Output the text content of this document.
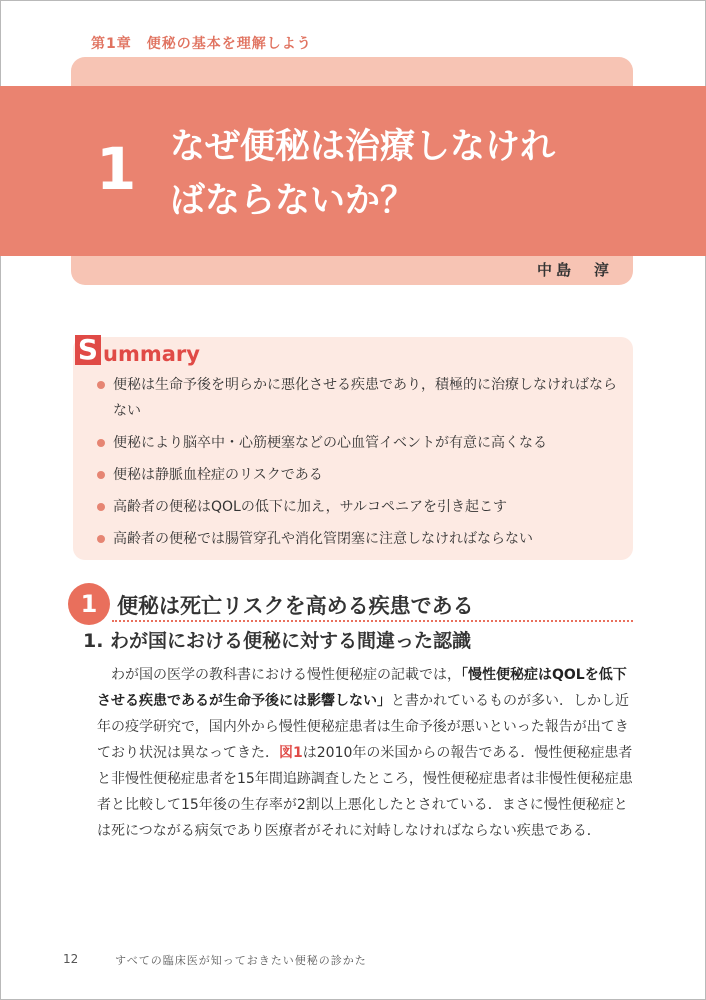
第1章　便秘の基本を理解しよう
1 なぜ便秘は治療しなけれ
ばならないか？
中島　淳
S ummary
便秘は生命予後を明らかに悪化させる疾患であり，積極的に治療しなければならない
便秘により脳卒中・心筋梗塞などの心血管イベントが有意に高くなる
便秘は静脈血栓症のリスクである
高齢者の便秘はQOLの低下に加え，サルコペニアを引き起こす
高齢者の便秘では腸管穿孔や消化管閉塞に注意しなければならない
1 便秘は死亡リスクを高める疾患である
1. わが国における便秘に対する間違った認識

わが国の医学の教科書における慢性便秘症の記載では，「慢性便秘症はQOLを低下させる疾患であるが生命予後には影響しない」と書かれているものが多い．しかし近年の疫学研究で，国内外から慢性便秘症患者は生命予後が悪いといった報告が出てきており状況は異なってきた．図1は2010年の米国からの報告である．慢性便秘症患者と非慢性便秘症患者を15年間追跡調査したところ，慢性便秘症患者は非慢性便秘症患者と比較して15年後の生存率が2割以上悪化したとされている．まさに慢性便秘症とは死につながる病気であり医療者がそれに対峙しなければならない疾患である．

12	すべての臨床医が知っておきたい便秘の診かた
